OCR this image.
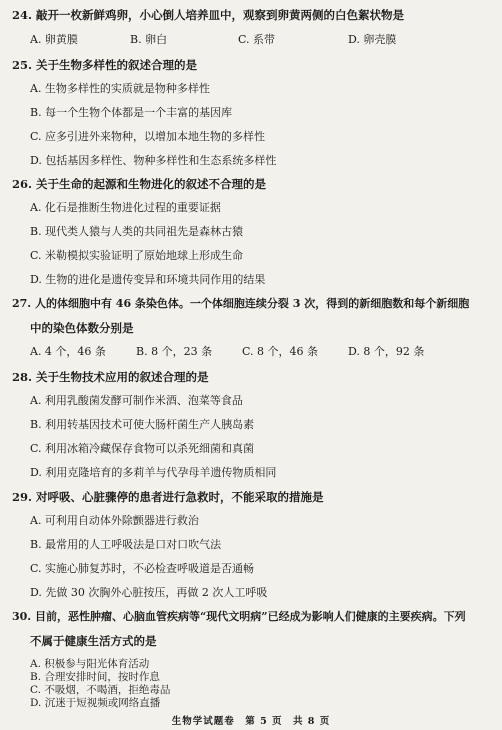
24. 敲开一枚新鲜鸡卵，小心倒人培养皿中，观察到卵黄两侧的白色絮状物是
A. 卵黄膜	B. 卵白	C. 系带	D. 卵壳膜
25. 关于生物多样性的叙述合理的是
A. 生物多样性的实质就是物种多样性
B. 每一个生物个体都是一个丰富的基因库
C. 应多引进外来物种，以增加本地生物的多样性
D. 包括基因多样性、物种多样性和生态系统多样性
26. 关于生命的起源和生物进化的叙述不合理的是
A. 化石是推断生物进化过程的重要证据
B. 现代类人猿与人类的共同祖先是森林古猿
C. 米勒模拟实验证明了原始地球上形成生命
D. 生物的进化是遗传变异和环境共同作用的结果
27. 人的体细胞中有 46 条染色体。一个体细胞连续分裂 3 次，得到的新细胞数和每个新细胞
中的染色体数分别是
A. 4 个，46 条	B. 8 个，23 条	C. 8 个，46 条	D. 8 个，92 条
28. 关于生物技术应用的叙述合理的是
A. 利用乳酸菌发酵可制作米酒、泡菜等食品
B. 利用转基因技术可使大肠杆菌生产人胰岛素
C. 利用冰箱冷藏保存食物可以杀死细菌和真菌
D. 利用克隆培育的多莉羊与代孕母羊遗传物质相同
29. 对呼吸、心脏骤停的患者进行急救时，不能采取的措施是
A. 可利用自动体外除颤器进行救治
B. 最常用的人工呼吸法是口对口吹气法
C. 实施心肺复苏时，不必检查呼吸道是否通畅
D. 先做 30 次胸外心脏按压，再做 2 次人工呼吸
30. 目前，恶性肿瘤、心脑血管疾病等“现代文明病”已经成为影响人们健康的主要疾病。下列
不属于健康生活方式的是
A. 积极参与阳光体育活动
B. 合理安排时间，按时作息
生物学试题卷　第 5 页　共 8 页
C. 不吸烟，不喝酒，拒绝毒品
D. 沉迷于短视频或网络直播
